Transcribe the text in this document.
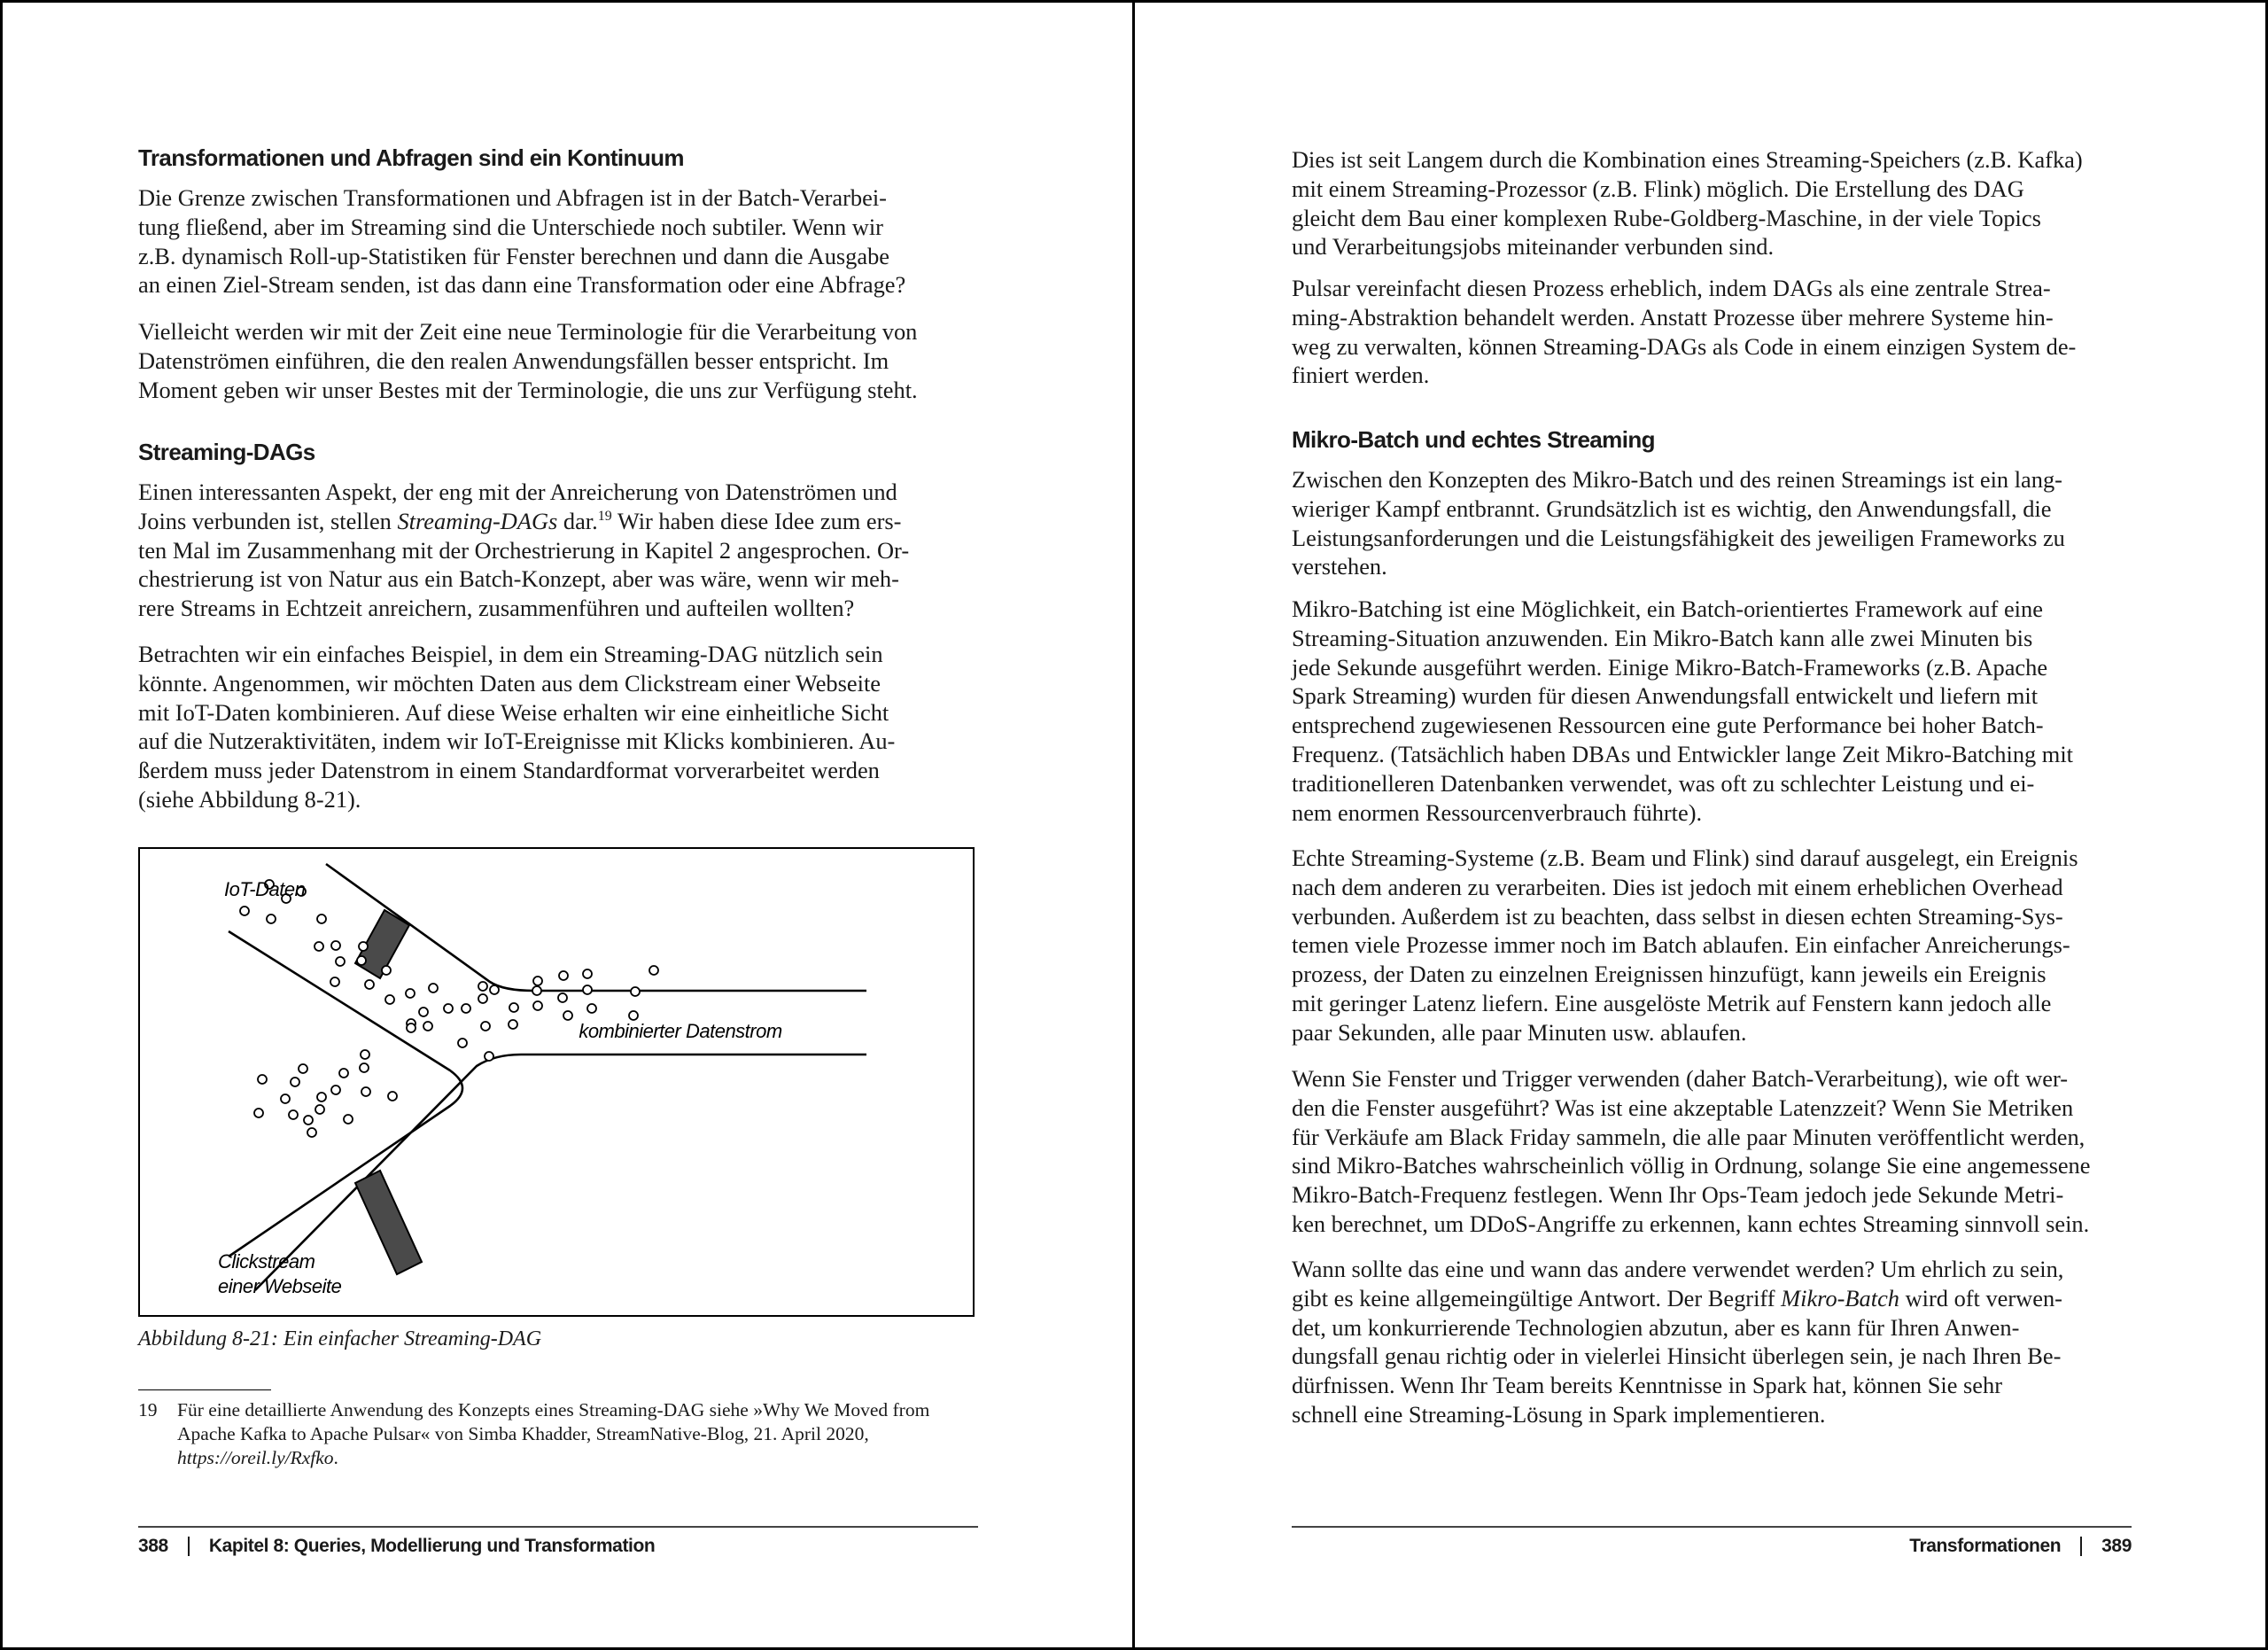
Transformationen und Abfragen sind ein Kontinuum

Die Grenze zwischen Transformationen und Abfragen ist in der Batch-Verarbei-
tung fließend, aber im Streaming sind die Unterschiede noch subtiler. Wenn wir
z.B. dynamisch Roll-up-Statistiken für Fenster berechnen und dann die Ausgabe
an einen Ziel-Stream senden, ist das dann eine Transformation oder eine Abfrage?

Vielleicht werden wir mit der Zeit eine neue Terminologie für die Verarbeitung von
Datenströmen einführen, die den realen Anwendungsfällen besser entspricht. Im
Moment geben wir unser Bestes mit der Terminologie, die uns zur Verfügung steht.

Streaming-DAGs

Einen interessanten Aspekt, der eng mit der Anreicherung von Datenströmen und
Joins verbunden ist, stellen Streaming-DAGs dar.$^{19}$ Wir haben diese Idee zum ers-
ten Mal im Zusammenhang mit der Orchestrierung in Kapitel 2 angesprochen. Or-
chestrierung ist von Natur aus ein Batch-Konzept, aber was wäre, wenn wir meh-
rere Streams in Echtzeit anreichern, zusammenführen und aufteilen wollten?

Betrachten wir ein einfaches Beispiel, in dem ein Streaming-DAG nützlich sein
könnte. Angenommen, wir möchten Daten aus dem Clickstream einer Webseite
mit IoT-Daten kombinieren. Auf diese Weise erhalten wir eine einheitliche Sicht
auf die Nutzeraktivitäten, indem wir IoT-Ereignisse mit Klicks kombinieren. Au-
ßerdem muss jeder Datenstrom in einem Standardformat vorverarbeitet werden
(siehe Abbildung 8-21).

IoT-Daten
kombinierter Datenstrom
Clickstream
einer Webseite

Abbildung 8-21: Ein einfacher Streaming-DAG

19 Für eine detaillierte Anwendung des Konzepts eines Streaming-DAG siehe »Why We Moved from
Apache Kafka to Apache Pulsar« von Simba Khadder, StreamNative-Blog, 21. April 2020,
https://oreil.ly/Rxfko.

388 Kapitel 8: Queries, Modellierung und Transformation

Dies ist seit Langem durch die Kombination eines Streaming-Speichers (z.B. Kafka)
mit einem Streaming-Prozessor (z.B. Flink) möglich. Die Erstellung des DAG
gleicht dem Bau einer komplexen Rube-Goldberg-Maschine, in der viele Topics
und Verarbeitungsjobs miteinander verbunden sind.

Pulsar vereinfacht diesen Prozess erheblich, indem DAGs als eine zentrale Strea-
ming-Abstraktion behandelt werden. Anstatt Prozesse über mehrere Systeme hin-
weg zu verwalten, können Streaming-DAGs als Code in einem einzigen System de-
finiert werden.

Mikro-Batch und echtes Streaming

Zwischen den Konzepten des Mikro-Batch und des reinen Streamings ist ein lang-
wieriger Kampf entbrannt. Grundsätzlich ist es wichtig, den Anwendungsfall, die
Leistungsanforderungen und die Leistungsfähigkeit des jeweiligen Frameworks zu
verstehen.

Mikro-Batching ist eine Möglichkeit, ein Batch-orientiertes Framework auf eine
Streaming-Situation anzuwenden. Ein Mikro-Batch kann alle zwei Minuten bis
jede Sekunde ausgeführt werden. Einige Mikro-Batch-Frameworks (z.B. Apache
Spark Streaming) wurden für diesen Anwendungsfall entwickelt und liefern mit
entsprechend zugewiesenen Ressourcen eine gute Performance bei hoher Batch-
Frequenz. (Tatsächlich haben DBAs und Entwickler lange Zeit Mikro-Batching mit
traditionelleren Datenbanken verwendet, was oft zu schlechter Leistung und ei-
nem enormen Ressourcenverbrauch führte).

Echte Streaming-Systeme (z.B. Beam und Flink) sind darauf ausgelegt, ein Ereignis
nach dem anderen zu verarbeiten. Dies ist jedoch mit einem erheblichen Overhead
verbunden. Außerdem ist zu beachten, dass selbst in diesen echten Streaming-Sys-
temen viele Prozesse immer noch im Batch ablaufen. Ein einfacher Anreicherungs-
prozess, der Daten zu einzelnen Ereignissen hinzufügt, kann jeweils ein Ereignis
mit geringer Latenz liefern. Eine ausgelöste Metrik auf Fenstern kann jedoch alle
paar Sekunden, alle paar Minuten usw. ablaufen.

Wenn Sie Fenster und Trigger verwenden (daher Batch-Verarbeitung), wie oft wer-
den die Fenster ausgeführt? Was ist eine akzeptable Latenzzeit? Wenn Sie Metriken
für Verkäufe am Black Friday sammeln, die alle paar Minuten veröffentlicht werden,
sind Mikro-Batches wahrscheinlich völlig in Ordnung, solange Sie eine angemessene
Mikro-Batch-Frequenz festlegen. Wenn Ihr Ops-Team jedoch jede Sekunde Metri-
ken berechnet, um DDoS-Angriffe zu erkennen, kann echtes Streaming sinnvoll sein.

Wann sollte das eine und wann das andere verwendet werden? Um ehrlich zu sein,
gibt es keine allgemeingültige Antwort. Der Begriff Mikro-Batch wird oft verwen-
det, um konkurrierende Technologien abzutun, aber es kann für Ihren Anwen-
dungsfall genau richtig oder in vielerlei Hinsicht überlegen sein, je nach Ihren Be-
dürfnissen. Wenn Ihr Team bereits Kenntnisse in Spark hat, können Sie sehr
schnell eine Streaming-Lösung in Spark implementieren.

Transformationen 389
